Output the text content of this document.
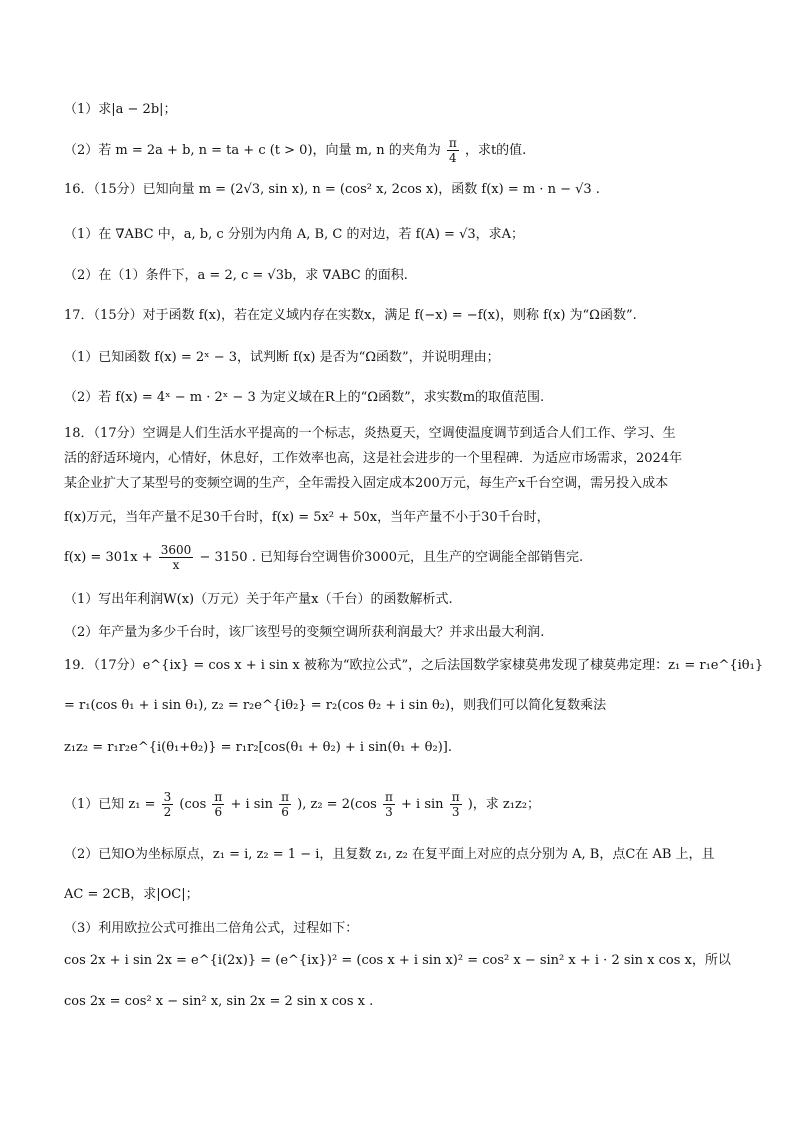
（1）求|a − 2b|；
（2）若 m = 2a + b, n = ta + c (t > 0)，向量 m, n 的夹角为 $\frac{\pi}{4}$ ，求t的值.
16．（15分）已知向量 m = (2√3, sin x), n = (cos² x, 2cos x)，函数 f(x) = m · n − √3 .
（1）在 ∇ABC 中，a, b, c 分别为内角 A, B, C 的对边，若 f(A) = √3，求A；
（2）在（1）条件下，a = 2, c = √3b，求 ∇ABC 的面积.
17．（15分）对于函数 f(x)，若在定义域内存在实数x，满足 f(−x) = −f(x)，则称 f(x) 为“Ω函数”.
（1）已知函数 f(x) = 2ˣ − 3，试判断 f(x) 是否为“Ω函数”，并说明理由；
（2）若 f(x) = 4ˣ − m · 2ˣ − 3 为定义域在R上的“Ω函数”，求实数m的取值范围.
18．（17分）空调是人们生活水平提高的一个标志，炎热夏天，空调使温度调节到适合人们工作、学习、生
活的舒适环境内，心情好，休息好，工作效率也高，这是社会进步的一个里程碑．为适应市场需求，2024年
某企业扩大了某型号的变频空调的生产，全年需投入固定成本200万元，每生产x千台空调，需另投入成本
f(x)万元，当年产量不足30千台时，f(x) = 5x² + 50x，当年产量不小于30千台时，
$f(x) = 301x + \frac{3600}{x} - 3150$ . 已知每台空调售价3000元，且生产的空调能全部销售完.
（1）写出年利润W(x)（万元）关于年产量x（千台）的函数解析式.
（2）年产量为多少千台时，该厂该型号的变频空调所获利润最大？并求出最大利润.
19．（17分）e^{ix} = cos x + i sin x 被称为“欧拉公式”，之后法国数学家棣莫弗发现了棣莫弗定理：z₁ = r₁e^{iθ₁}
= r₁(cos θ₁ + i sin θ₁), z₂ = r₂e^{iθ₂} = r₂(cos θ₂ + i sin θ₂)，则我们可以简化复数乘法
z₁z₂ = r₁r₂e^{i(θ₁+θ₂)} = r₁r₂[cos(θ₁ + θ₂) + i sin(θ₁ + θ₂)].
（1）已知 $z_1 = \frac{3}{2} (\cos \frac{\pi}{6} + i$ $\sin \frac{\pi}{6}$ ), $z_2 = 2(\cos \frac{\pi}{3} + i$ $\sin \frac{\pi}{3}$ )，求 z₁z₂；
（2）已知O为坐标原点，z₁ = i, z₂ = 1 − i，且复数 z₁, z₂ 在复平面上对应的点分别为 A, B，点C在 AB 上，且
AC = 2CB，求|OC|；
（3）利用欧拉公式可推出二倍角公式，过程如下：
cos 2x + i sin 2x = e^{i(2x)} = (e^{ix})² = (cos x + i sin x)² = cos² x − sin² x + i · 2 sin x cos x，所以
cos 2x = cos² x − sin² x, sin 2x = 2 sin x cos x .
